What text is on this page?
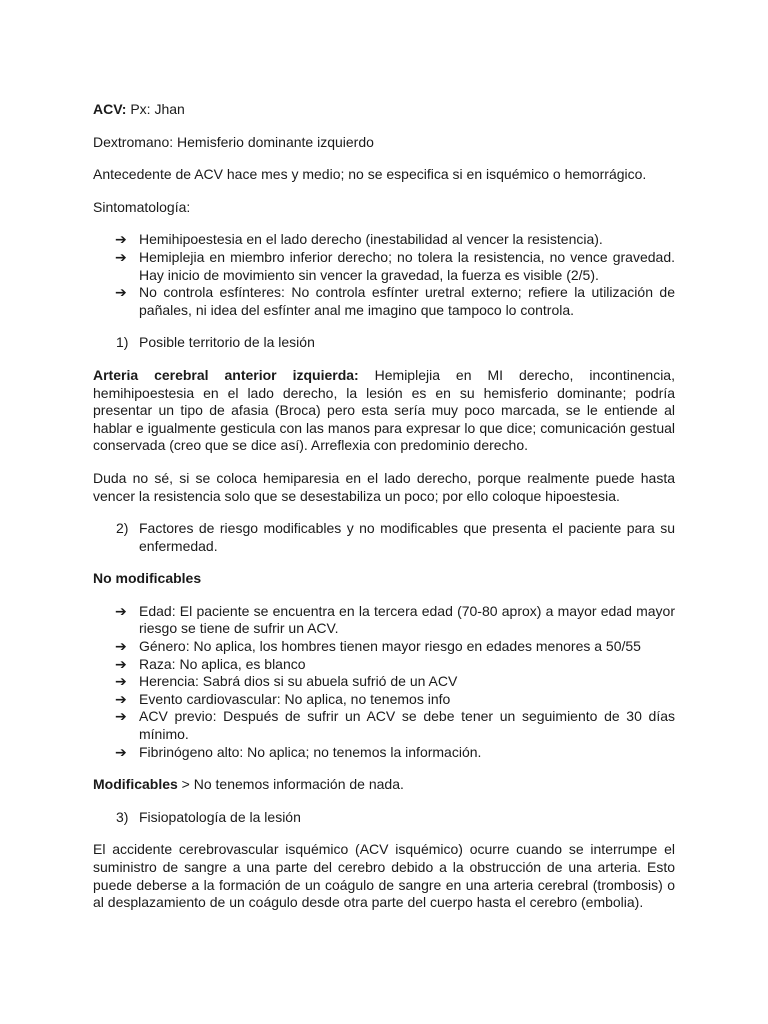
ACV: Px: Jhan

Dextromano: Hemisferio dominante izquierdo

Antecedente de ACV hace mes y medio; no se especifica si en isquémico o hemorrágico.

Sintomatología:

➔ Hemihipoestesia en el lado derecho (inestabilidad al vencer la resistencia).
➔ Hemiplejia en miembro inferior derecho; no tolera la resistencia, no vence gravedad. Hay inicio de movimiento sin vencer la gravedad, la fuerza es visible (2/5).
➔ No controla esfínteres: No controla esfínter uretral externo; refiere la utilización de pañales, ni idea del esfínter anal me imagino que tampoco lo controla.
1) Posible territorio de la lesión

Arteria cerebral anterior izquierda: Hemiplejia en MI derecho, incontinencia, hemihipoestesia en el lado derecho, la lesión es en su hemisferio dominante; podría presentar un tipo de afasia (Broca) pero esta sería muy poco marcada, se le entiende al hablar e igualmente gesticula con las manos para expresar lo que dice; comunicación gestual conservada (creo que se dice así). Arreflexia con predominio derecho.

Duda no sé, si se coloca hemiparesia en el lado derecho, porque realmente puede hasta vencer la resistencia solo que se desestabiliza un poco; por ello coloque hipoestesia.

2) Factores de riesgo modificables y no modificables que presenta el paciente para su enfermedad.

No modificables

➔ Edad: El paciente se encuentra en la tercera edad (70-80 aprox) a mayor edad mayor riesgo se tiene de sufrir un ACV.
➔ Género: No aplica, los hombres tienen mayor riesgo en edades menores a 50/55
➔ Raza: No aplica, es blanco
➔ Herencia: Sabrá dios si su abuela sufrió de un ACV
➔ Evento cardiovascular: No aplica, no tenemos info
➔ ACV previo: Después de sufrir un ACV se debe tener un seguimiento de 30 días mínimo.
➔ Fibrinógeno alto: No aplica; no tenemos la información.

Modificables > No tenemos información de nada.

3) Fisiopatología de la lesión

El accidente cerebrovascular isquémico (ACV isquémico) ocurre cuando se interrumpe el suministro de sangre a una parte del cerebro debido a la obstrucción de una arteria. Esto puede deberse a la formación de un coágulo de sangre en una arteria cerebral (trombosis) o al desplazamiento de un coágulo desde otra parte del cuerpo hasta el cerebro (embolia).
